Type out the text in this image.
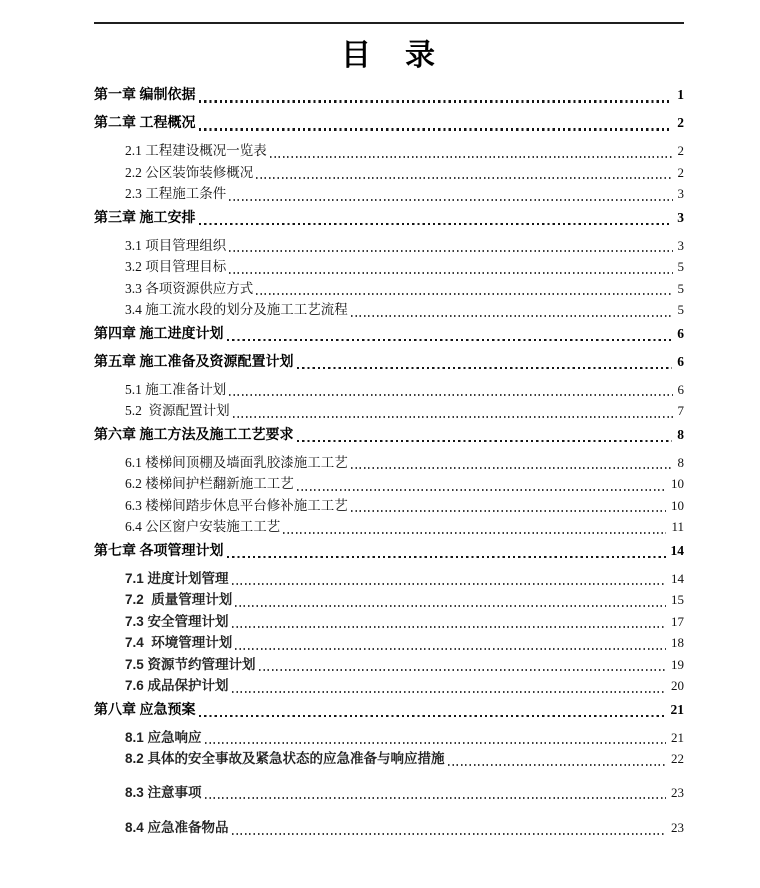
目　录
第一章 编制依据	1
第二章 工程概况	2
2.1 工程建设概况一览表	2
2.2 公区装饰装修概况	2
2.3 工程施工条件	3
第三章 施工安排	3
3.1 项目管理组织	3
3.2 项目管理目标	5
3.3 各项资源供应方式	5
3.4 施工流水段的划分及施工工艺流程	5
第四章 施工进度计划	6
第五章 施工准备及资源配置计划	6
5.1 施工准备计划	6
5.2  资源配置计划	7
第六章 施工方法及施工工艺要求	8
6.1 楼梯间顶棚及墙面乳胶漆施工工艺	8
6.2 楼梯间护栏翻新施工工艺	10
6.3 楼梯间踏步休息平台修补施工工艺	10
6.4 公区窗户安装施工工艺	11
第七章 各项管理计划	14
7.1 进度计划管理	14
7.2  质量管理计划	15
7.3 安全管理计划	17
7.4  环境管理计划	18
7.5 资源节约管理计划	19
7.6 成品保护计划	20
第八章 应急预案	21
8.1 应急响应	21
8.2 具体的安全事故及紧急状态的应急准备与响应措施	22
8.3 注意事项	23
8.4 应急准备物品	23
